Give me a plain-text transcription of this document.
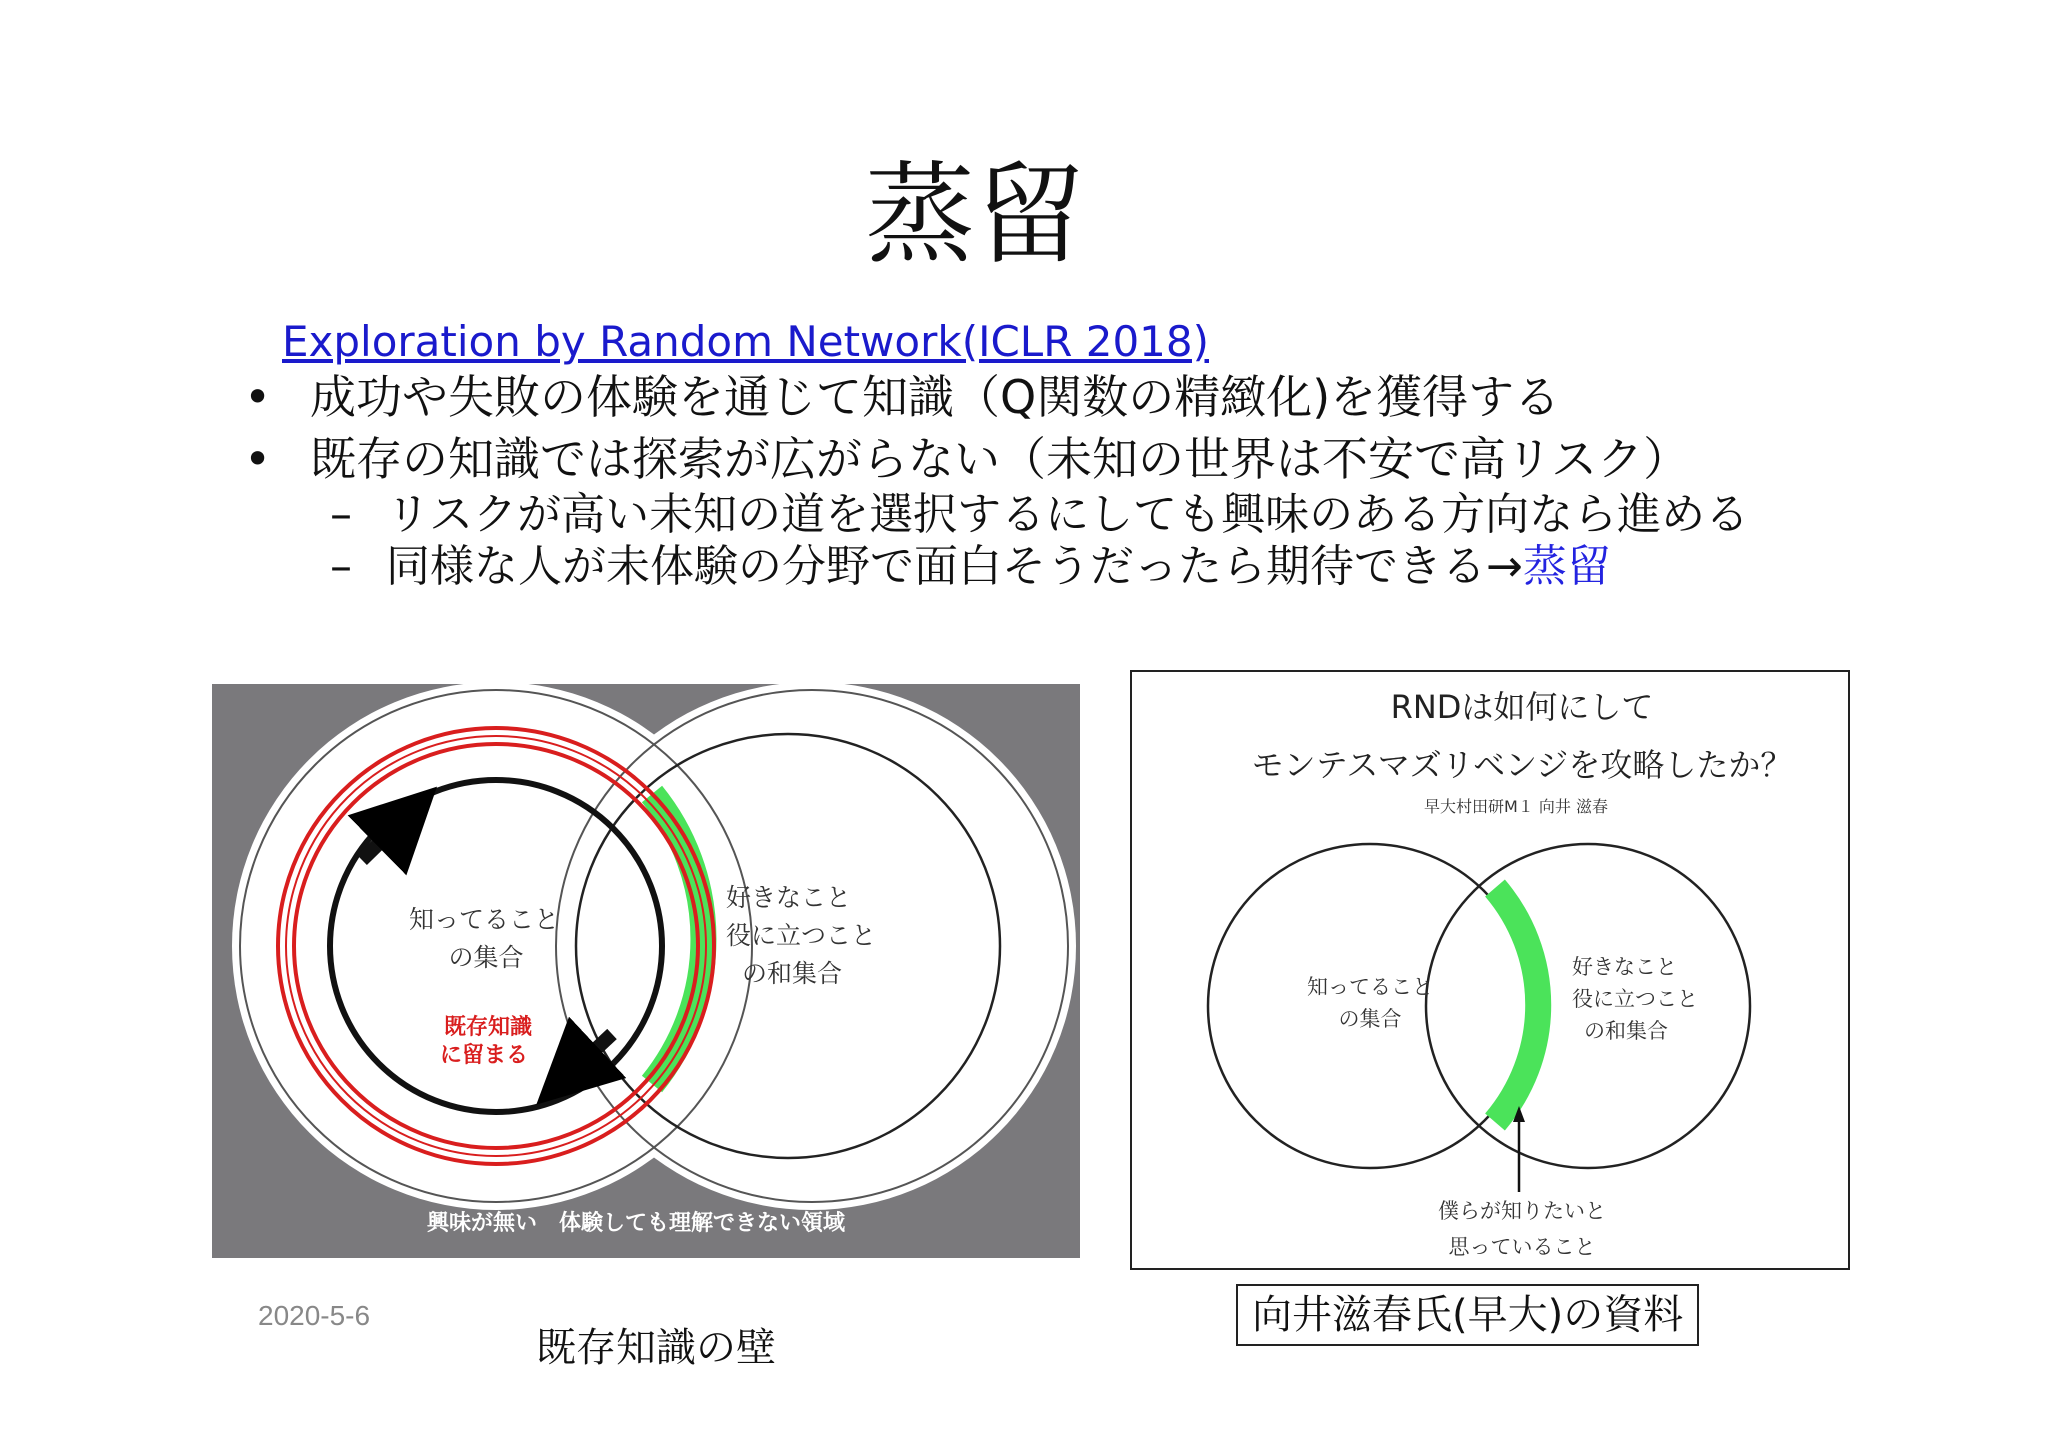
蒸留
Exploration by Random Network(ICLR 2018)
• 成功や失敗の体験を通じて知識（Q関数の精緻化)を獲得する
• 既存の知識では探索が広がらない（未知の世界は不安で高リスク）
– リスクが高い未知の道を選択するにしても興味のある方向なら進める
– 同様な人が未体験の分野で面白そうだったら期待できる→蒸留
知ってること
の集合
既存知識
に留まる
好きなこと
役に立つこと
の和集合
興味が無い　体験しても理解できない領域
RNDは如何にして
モンテスマズリベンジを攻略したか？
早大村田研M１ 向井 滋春
知ってること
の集合
好きなこと
役に立つこと
の和集合
僕らが知りたいと
思っていること
2020-5-6
既存知識の壁
向井滋春氏(早大)の資料
